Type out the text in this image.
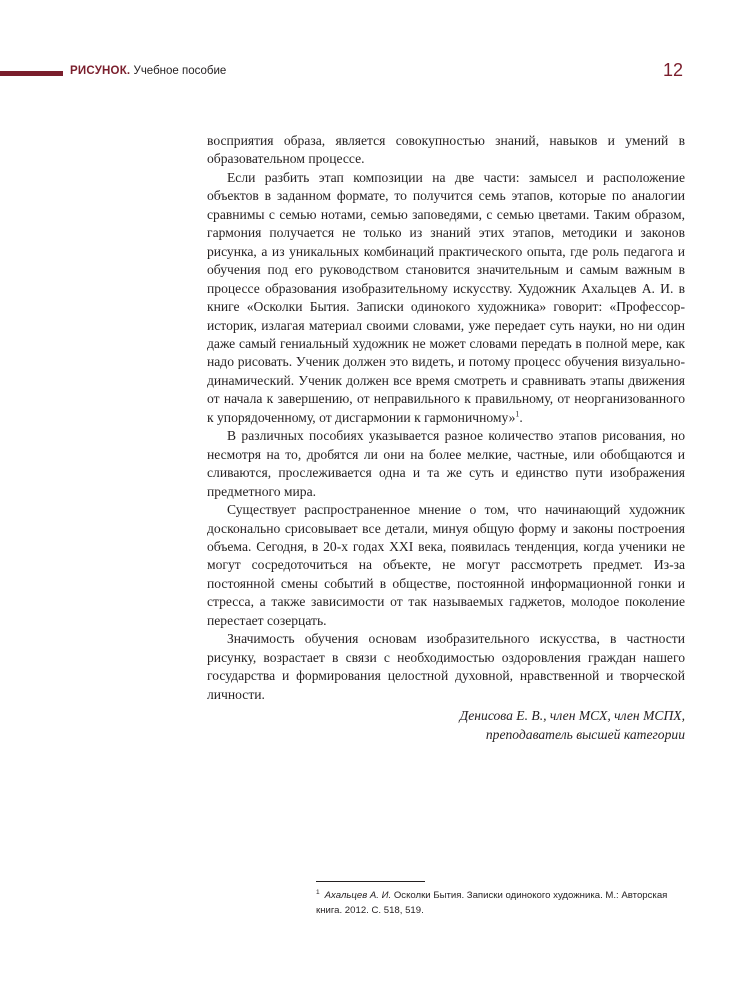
РИСУНОК. Учебное пособие	12

восприятия образа, является совокупностью знаний, навыков и умений в образовательном процессе.

Если разбить этап композиции на две части: замысел и расположение объектов в заданном формате, то получится семь этапов, которые по аналогии сравнимы с семью нотами, семью заповедями, с семью цветами. Таким образом, гармония получается не только из знаний этих этапов, методики и законов рисунка, а из уникальных комбинаций практического опыта, где роль педагога и обучения под его руководством становится значительным и самым важным в процессе образования изобразительному искусству. Художник Ахальцев А. И. в книге «Осколки Бытия. Записки одинокого художника» говорит: «Профессор-историк, излагая материал своими словами, уже передает суть науки, но ни один даже самый гениальный художник не может словами передать в полной мере, как надо рисовать. Ученик должен это видеть, и потому процесс обучения визуально-динамический. Ученик должен все время смотреть и сравнивать этапы движения от начала к завершению, от неправильного к правильному, от неорганизованного к упорядоченному, от дисгармонии к гармоничному»$^1$.

В различных пособиях указывается разное количество этапов рисования, но несмотря на то, дробятся ли они на более мелкие, частные, или обобщаются и сливаются, прослеживается одна и та же суть и единство пути изображения предметного мира.

Существует распространенное мнение о том, что начинающий художник досконально срисовывает все детали, минуя общую форму и законы построения объема. Сегодня, в 20-х годах XXI века, появилась тенденция, когда ученики не могут сосредоточиться на объекте, не могут рассмотреть предмет. Из-за постоянной смены событий в обществе, постоянной информационной гонки и стресса, а также зависимости от так называемых гаджетов, молодое поколение перестает созерцать.

Значимость обучения основам изобразительного искусства, в частности рисунку, возрастает в связи с необходимостью оздоровления граждан нашего государства и формирования целостной духовной, нравственной и творческой личности.

Денисова Е. В., член МСХ, член МСПХ,
преподаватель высшей категории
$^1$ Ахальцев А. И. Осколки Бытия. Записки одинокого художника. М.: Авторская книга. 2012. С. 518, 519.
